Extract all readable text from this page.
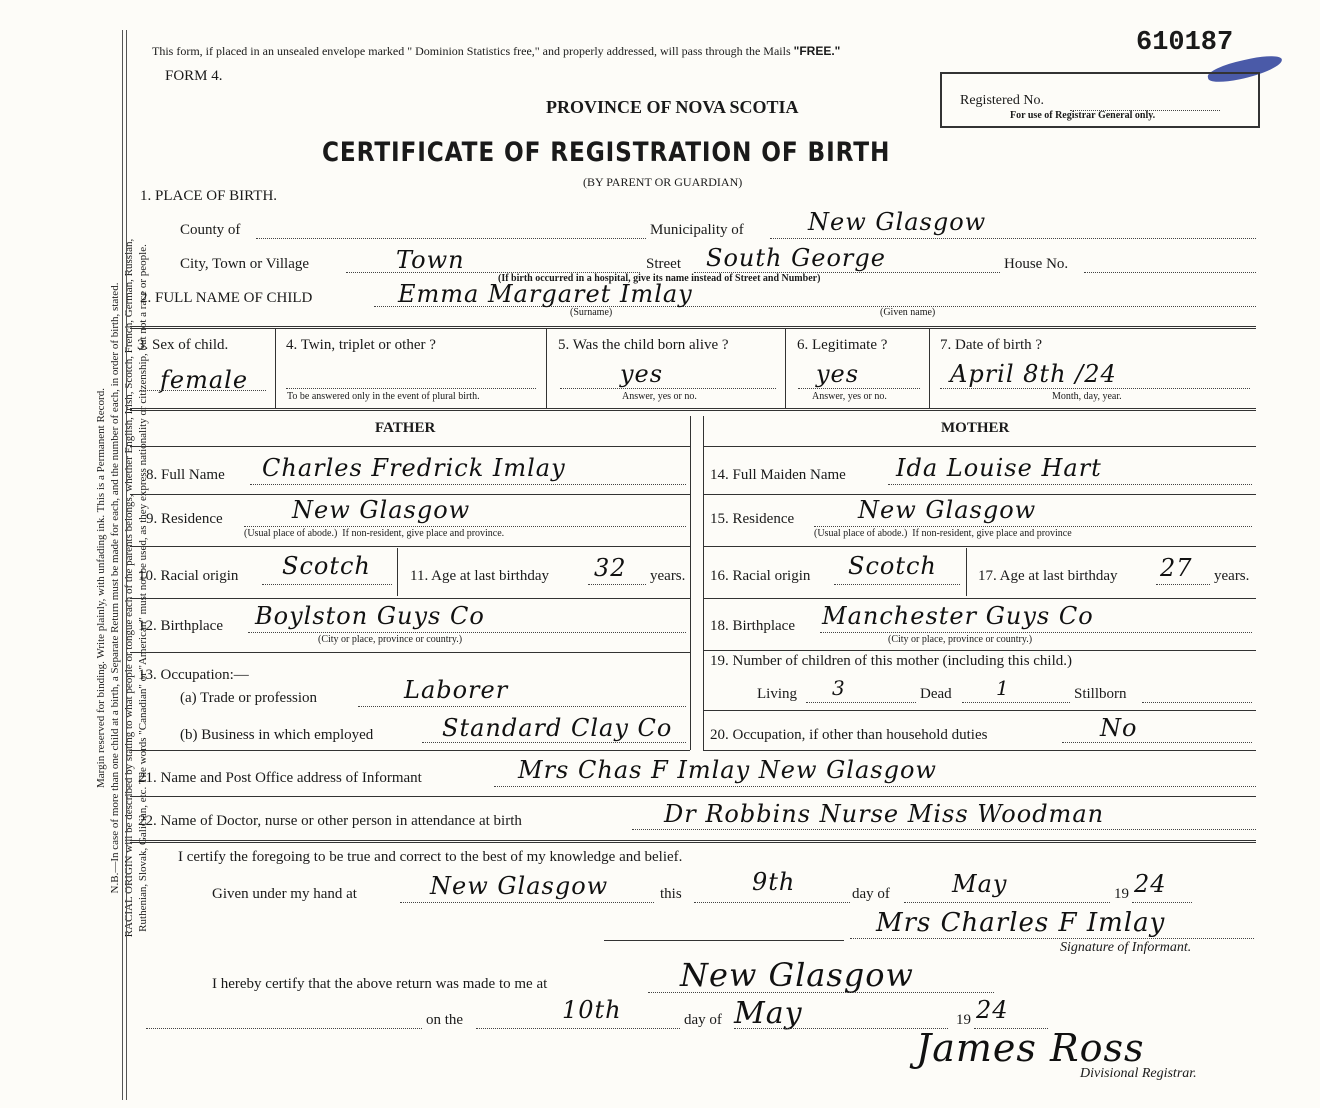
Margin reserved for binding. Write plainly, with unfading ink. This is a Permanent Record. N.B.—In case of more than one child at a birth, a Separate Return must be made for each, and the number of each, in order of birth, stated. RACIAL ORIGIN will be described by stating to what people or tongue each of the parents belongs, whether English, Irish, Scotch, French, German, Russian, Ruthenian, Slovak, Galician, etc. The words "Canadian" or "American" must not be used, as they express nationality or citizenship, but not a race or people.
This form, if placed in an unsealed envelope marked " Dominion Statistics free," and properly addressed, will pass through the Mails "FREE."
FORM 4.
610187
Registered No.
For use of Registrar General only.
PROVINCE OF NOVA SCOTIA
CERTIFICATE OF REGISTRATION OF BIRTH
(BY PARENT OR GUARDIAN)
1. PLACE OF BIRTH.
County of	Municipality of	New Glasgow
City, Town or Village	Town	Street South George	House No.
(If birth occurred in a hospital, give its name instead of Street and Number)
2. FULL NAME OF CHILD	Emma Margaret Imlay
(Surname)	(Given name)
3. Sex of child.
female
4. Twin, triplet or other ?
To be answered only in the event of plural birth.
5. Was the child born alive ?
yes
Answer, yes or no.
6. Legitimate ?
yes
Answer, yes or no.
7. Date of birth ?
April 8th /24
Month, day, year.
FATHER	MOTHER
8. Full Name Charles Fredrick Imlay
9. Residence	New Glasgow
(Usual place of abode.) If non-resident, give place and province.
10. Racial origin Scotch	11. Age at last birthday 32 years.
12. Birthplace Boylston Guys Co
(City or place, province or country.)
13. Occupation:—
(a) Trade or profession	Laborer
(b) Business in which employed	Standard Clay Co
14. Full Maiden Name Ida Louise Hart
15. Residence	New Glasgow
(Usual place of abode.) If non-resident, give place and province
16. Racial origin Scotch	17. Age at last birthday 27 years.
18. Birthplace Manchester Guys Co
(City or place, province or country.)
19. Number of children of this mother (including this child.)
Living 3	Dead 1	Stillborn
20. Occupation, if other than household duties	No
21. Name and Post Office address of Informant	Mrs Chas F Imlay New Glasgow
22. Name of Doctor, nurse or other person in attendance at birth	Dr Robbins Nurse Miss Woodman
I certify the foregoing to be true and correct to the best of my knowledge and belief.
Given under my hand at	New Glasgow	this	9th	day of	May	19 24
Mrs Charles F Imlay
Signature of Informant.
I hereby certify that the above return was made to me at	New Glasgow
on the	10th	day of May	19 24
James Ross
Divisional Registrar.
